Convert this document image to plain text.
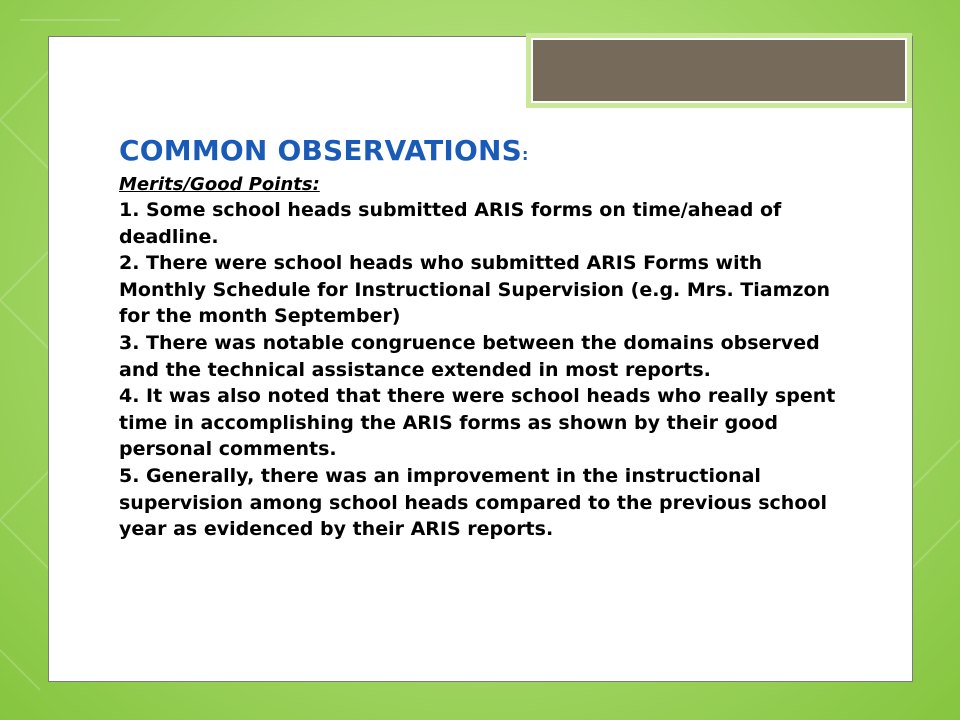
COMMON OBSERVATIONS:
Merits/Good Points:

1. Some school heads submitted ARIS forms on time/ahead of deadline.

2. There were school heads who submitted ARIS Forms with Monthly Schedule for Instructional Supervision (e.g. Mrs. Tiamzon for the month September)

3. There was notable congruence between the domains observed and the technical assistance extended in most reports.

4. It was also noted that there were school heads who really spent time in accomplishing the ARIS forms as shown by their good personal comments.

5. Generally, there was an improvement in the instructional supervision among school heads compared to the previous school year as evidenced by their ARIS reports.
